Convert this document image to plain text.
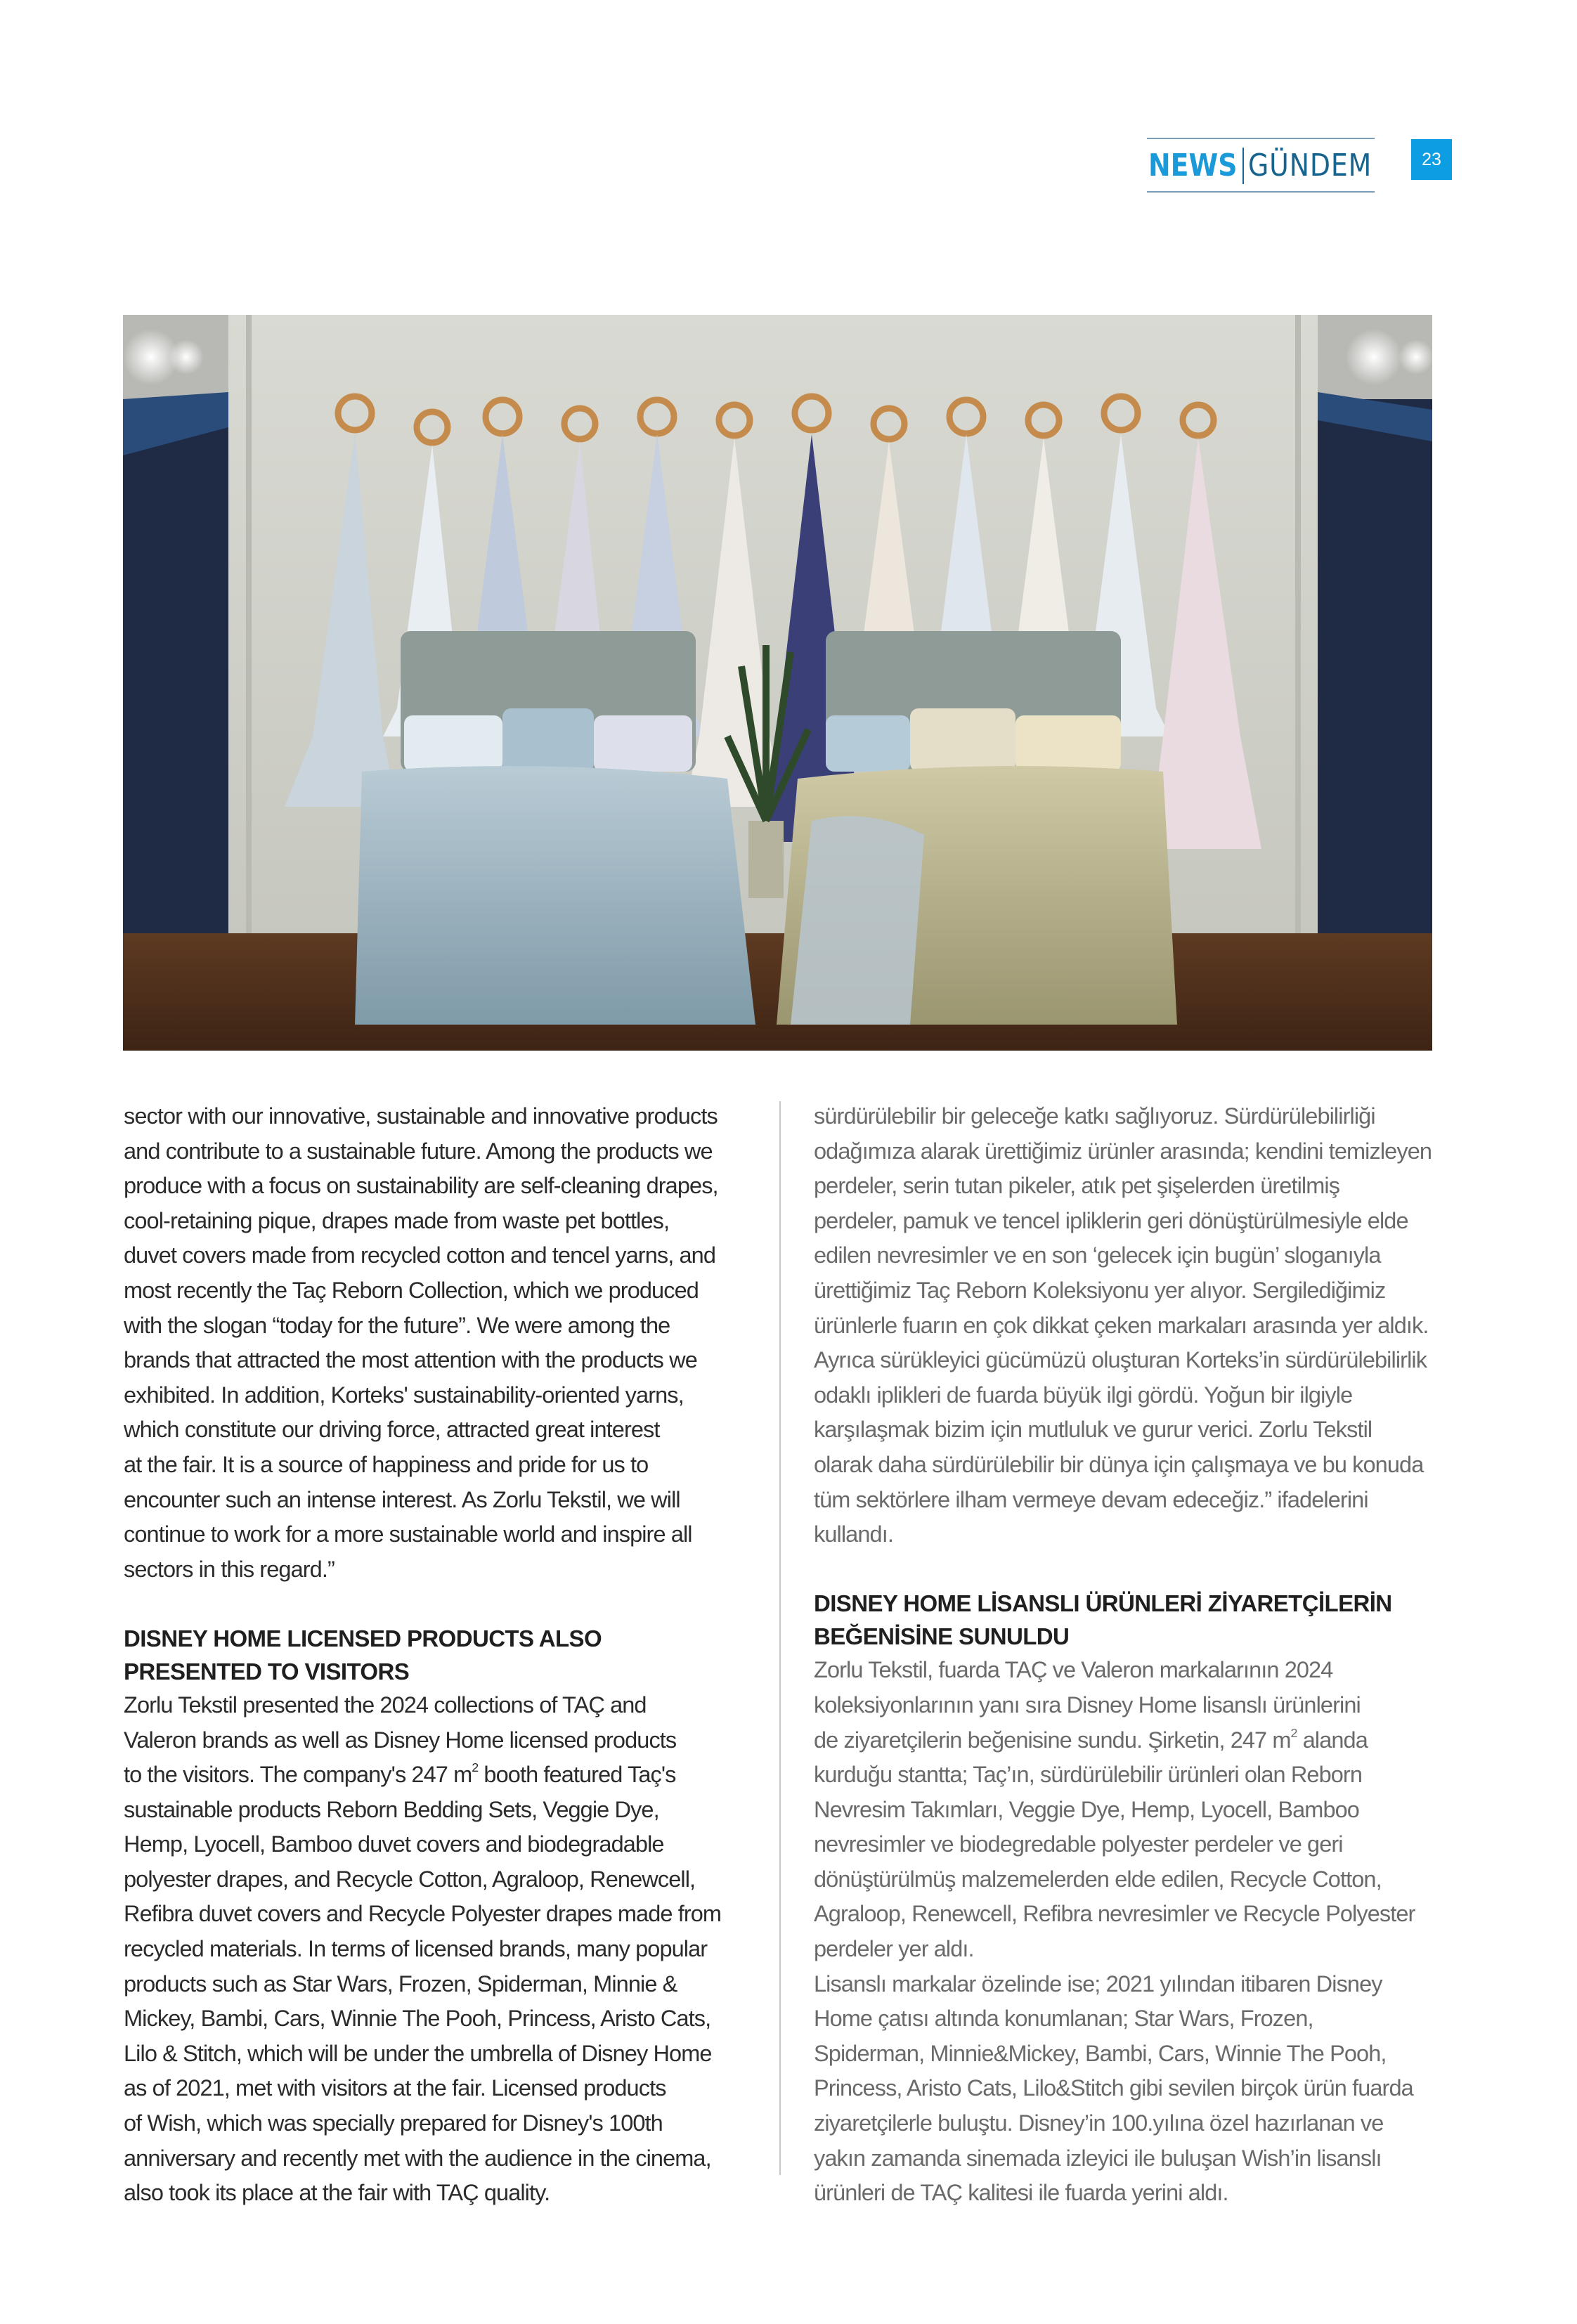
NEWS GÜNDEM	23

sector with our innovative, sustainable and innovative products
and contribute to a sustainable future. Among the products we
produce with a focus on sustainability are self-cleaning drapes,
cool-retaining pique, drapes made from waste pet bottles,
duvet covers made from recycled cotton and tencel yarns, and
most recently the Taç Reborn Collection, which we produced
with the slogan “today for the future”. We were among the
brands that attracted the most attention with the products we
exhibited. In addition, Korteks' sustainability-oriented yarns,
which constitute our driving force, attracted great interest
at the fair. It is a source of happiness and pride for us to
encounter such an intense interest. As Zorlu Tekstil, we will
continue to work for a more sustainable world and inspire all
sectors in this regard.”

DISNEY HOME LICENSED PRODUCTS ALSO
PRESENTED TO VISITORS

Zorlu Tekstil presented the 2024 collections of TAÇ and
Valeron brands as well as Disney Home licensed products
to the visitors. The company's 247 $m^2$ booth featured Taç's
sustainable products Reborn Bedding Sets, Veggie Dye,
Hemp, Lyocell, Bamboo duvet covers and biodegradable
polyester drapes, and Recycle Cotton, Agraloop, Renewcell,
Refibra duvet covers and Recycle Polyester drapes made from
recycled materials. In terms of licensed brands, many popular
products such as Star Wars, Frozen, Spiderman, Minnie &
Mickey, Bambi, Cars, Winnie The Pooh, Princess, Aristo Cats,
Lilo & Stitch, which will be under the umbrella of Disney Home
as of 2021, met with visitors at the fair. Licensed products
of Wish, which was specially prepared for Disney's 100th
anniversary and recently met with the audience in the cinema,
also took its place at the fair with TAÇ quality.

sürdürülebilir bir geleceğe katkı sağlıyoruz. Sürdürülebilirliği
odağımıza alarak ürettiğimiz ürünler arasında; kendini temizleyen
perdeler, serin tutan pikeler, atık pet şişelerden üretilmiş
perdeler, pamuk ve tencel ipliklerin geri dönüştürülmesiyle elde
edilen nevresimler ve en son ‘gelecek için bugün’ sloganıyla
ürettiğimiz Taç Reborn Koleksiyonu yer alıyor. Sergilediğimiz
ürünlerle fuarın en çok dikkat çeken markaları arasında yer aldık.
Ayrıca sürükleyici gücümüzü oluşturan Korteks’in sürdürülebilirlik
odaklı iplikleri de fuarda büyük ilgi gördü. Yoğun bir ilgiyle
karşılaşmak bizim için mutluluk ve gurur verici. Zorlu Tekstil
olarak daha sürdürülebilir bir dünya için çalışmaya ve bu konuda
tüm sektörlere ilham vermeye devam edeceğiz.” ifadelerini
kullandı.

DISNEY HOME LİSANSLI ÜRÜNLERİ ZİYARETÇİLERİN
BEĞENİSİNE SUNULDU

Zorlu Tekstil, fuarda TAÇ ve Valeron markalarının 2024
koleksiyonlarının yanı sıra Disney Home lisanslı ürünlerini
de ziyaretçilerin beğenisine sundu. Şirketin, 247 $m^2$ alanda
kurduğu stantta; Taç’ın, sürdürülebilir ürünleri olan Reborn
Nevresim Takımları, Veggie Dye, Hemp, Lyocell, Bamboo
nevresimler ve biodegredable polyester perdeler ve geri
dönüştürülmüş malzemelerden elde edilen, Recycle Cotton,
Agraloop, Renewcell, Refibra nevresimler ve Recycle Polyester
perdeler yer aldı.

Lisanslı markalar özelinde ise; 2021 yılından itibaren Disney
Home çatısı altında konumlanan; Star Wars, Frozen,
Spiderman, Minnie&Mickey, Bambi, Cars, Winnie The Pooh,
Princess, Aristo Cats, Lilo&Stitch gibi sevilen birçok ürün fuarda
ziyaretçilerle buluştu. Disney’in 100.yılına özel hazırlanan ve
yakın zamanda sinemada izleyici ile buluşan Wish’in lisanslı
ürünleri de TAÇ kalitesi ile fuarda yerini aldı.
